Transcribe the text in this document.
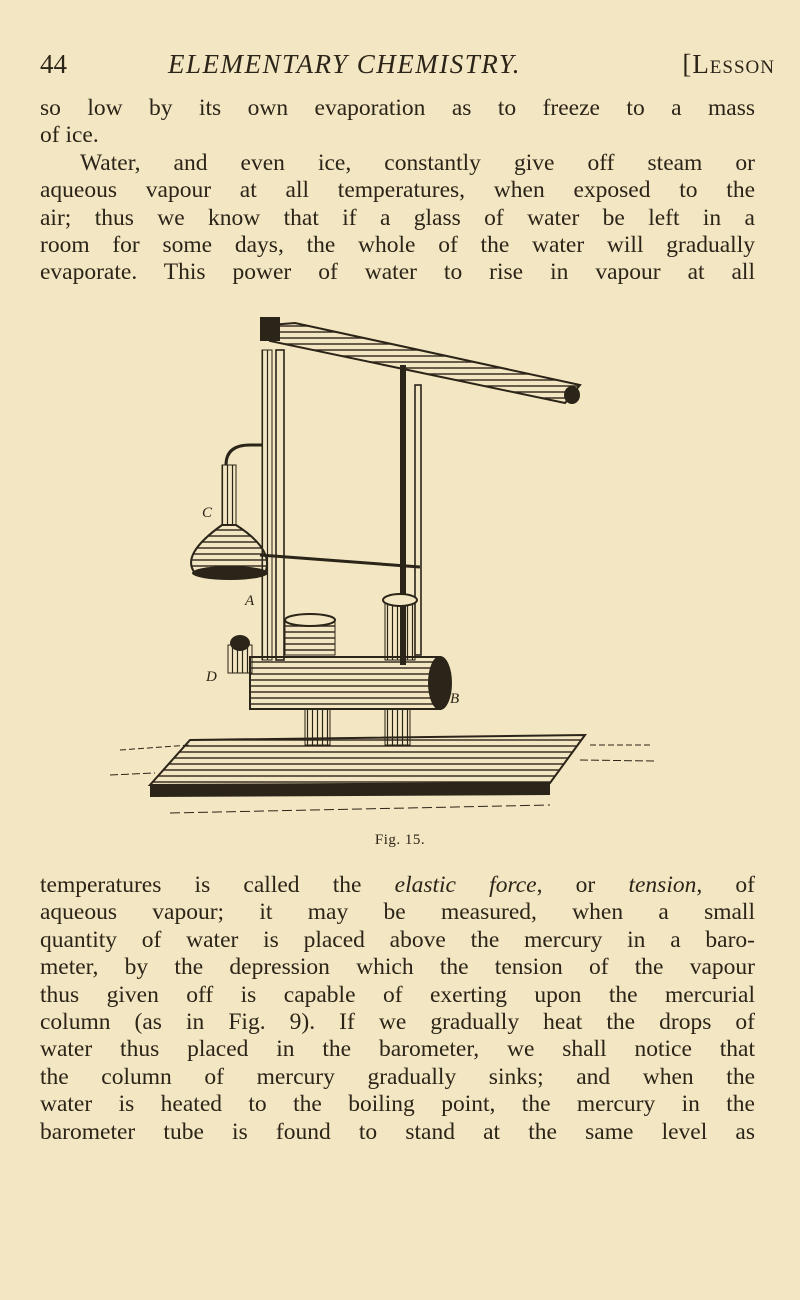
44	ELEMENTARY CHEMISTRY.	[Lesson
so low by its own evaporation as to freeze to a mass
of ice.
Water, and even ice, constantly give off steam or
aqueous vapour at all temperatures, when exposed to the
air; thus we know that if a glass of water be left in a
room for some days, the whole of the water will gradually
evaporate. This power of water to rise in vapour at all
C
A
D
B
Fig. 15.
temperatures is called the elastic force, or tension, of
aqueous vapour; it may be measured, when a small
quantity of water is placed above the mercury in a baro-
meter, by the depression which the tension of the vapour
thus given off is capable of exerting upon the mercurial
column (as in Fig. 9). If we gradually heat the drops of
water thus placed in the barometer, we shall notice that
the column of mercury gradually sinks; and when the
water is heated to the boiling point, the mercury in the
barometer tube is found to stand at the same level as
